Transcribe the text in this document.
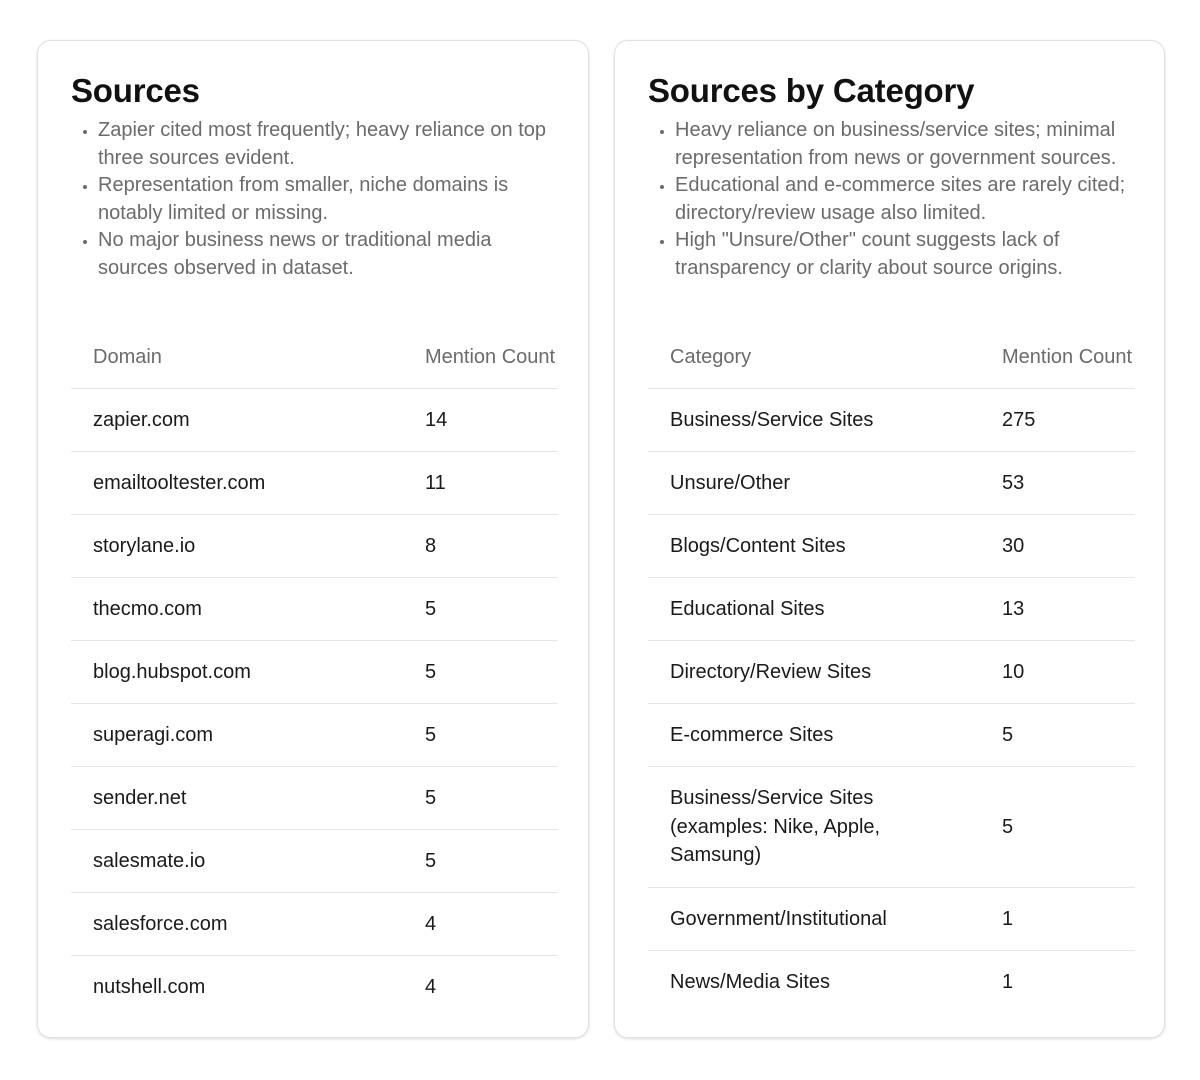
Sources
• Zapier cited most frequently; heavy reliance on top three sources evident.
• Representation from smaller, niche domains is notably limited or missing.
• No major business news or traditional media sources observed in dataset.
Domain	Mention Count
zapier.com	14
emailtooltester.com	11
storylane.io	8
thecmo.com	5
blog.hubspot.com	5
superagi.com	5
sender.net	5
salesmate.io	5
salesforce.com	4
nutshell.com	4
Sources by Category
• Heavy reliance on business/service sites; minimal representation from news or government sources.
• Educational and e-commerce sites are rarely cited; directory/review usage also limited.
• High "Unsure/Other" count suggests lack of transparency or clarity about source origins.
Category	Mention Count
Business/Service Sites	275
Unsure/Other	53
Blogs/Content Sites	30
Educational Sites	13
Directory/Review Sites	10
E-commerce Sites	5
Business/Service Sites (examples: Nike, Apple, Samsung)	5
Government/Institutional	1
News/Media Sites	1
